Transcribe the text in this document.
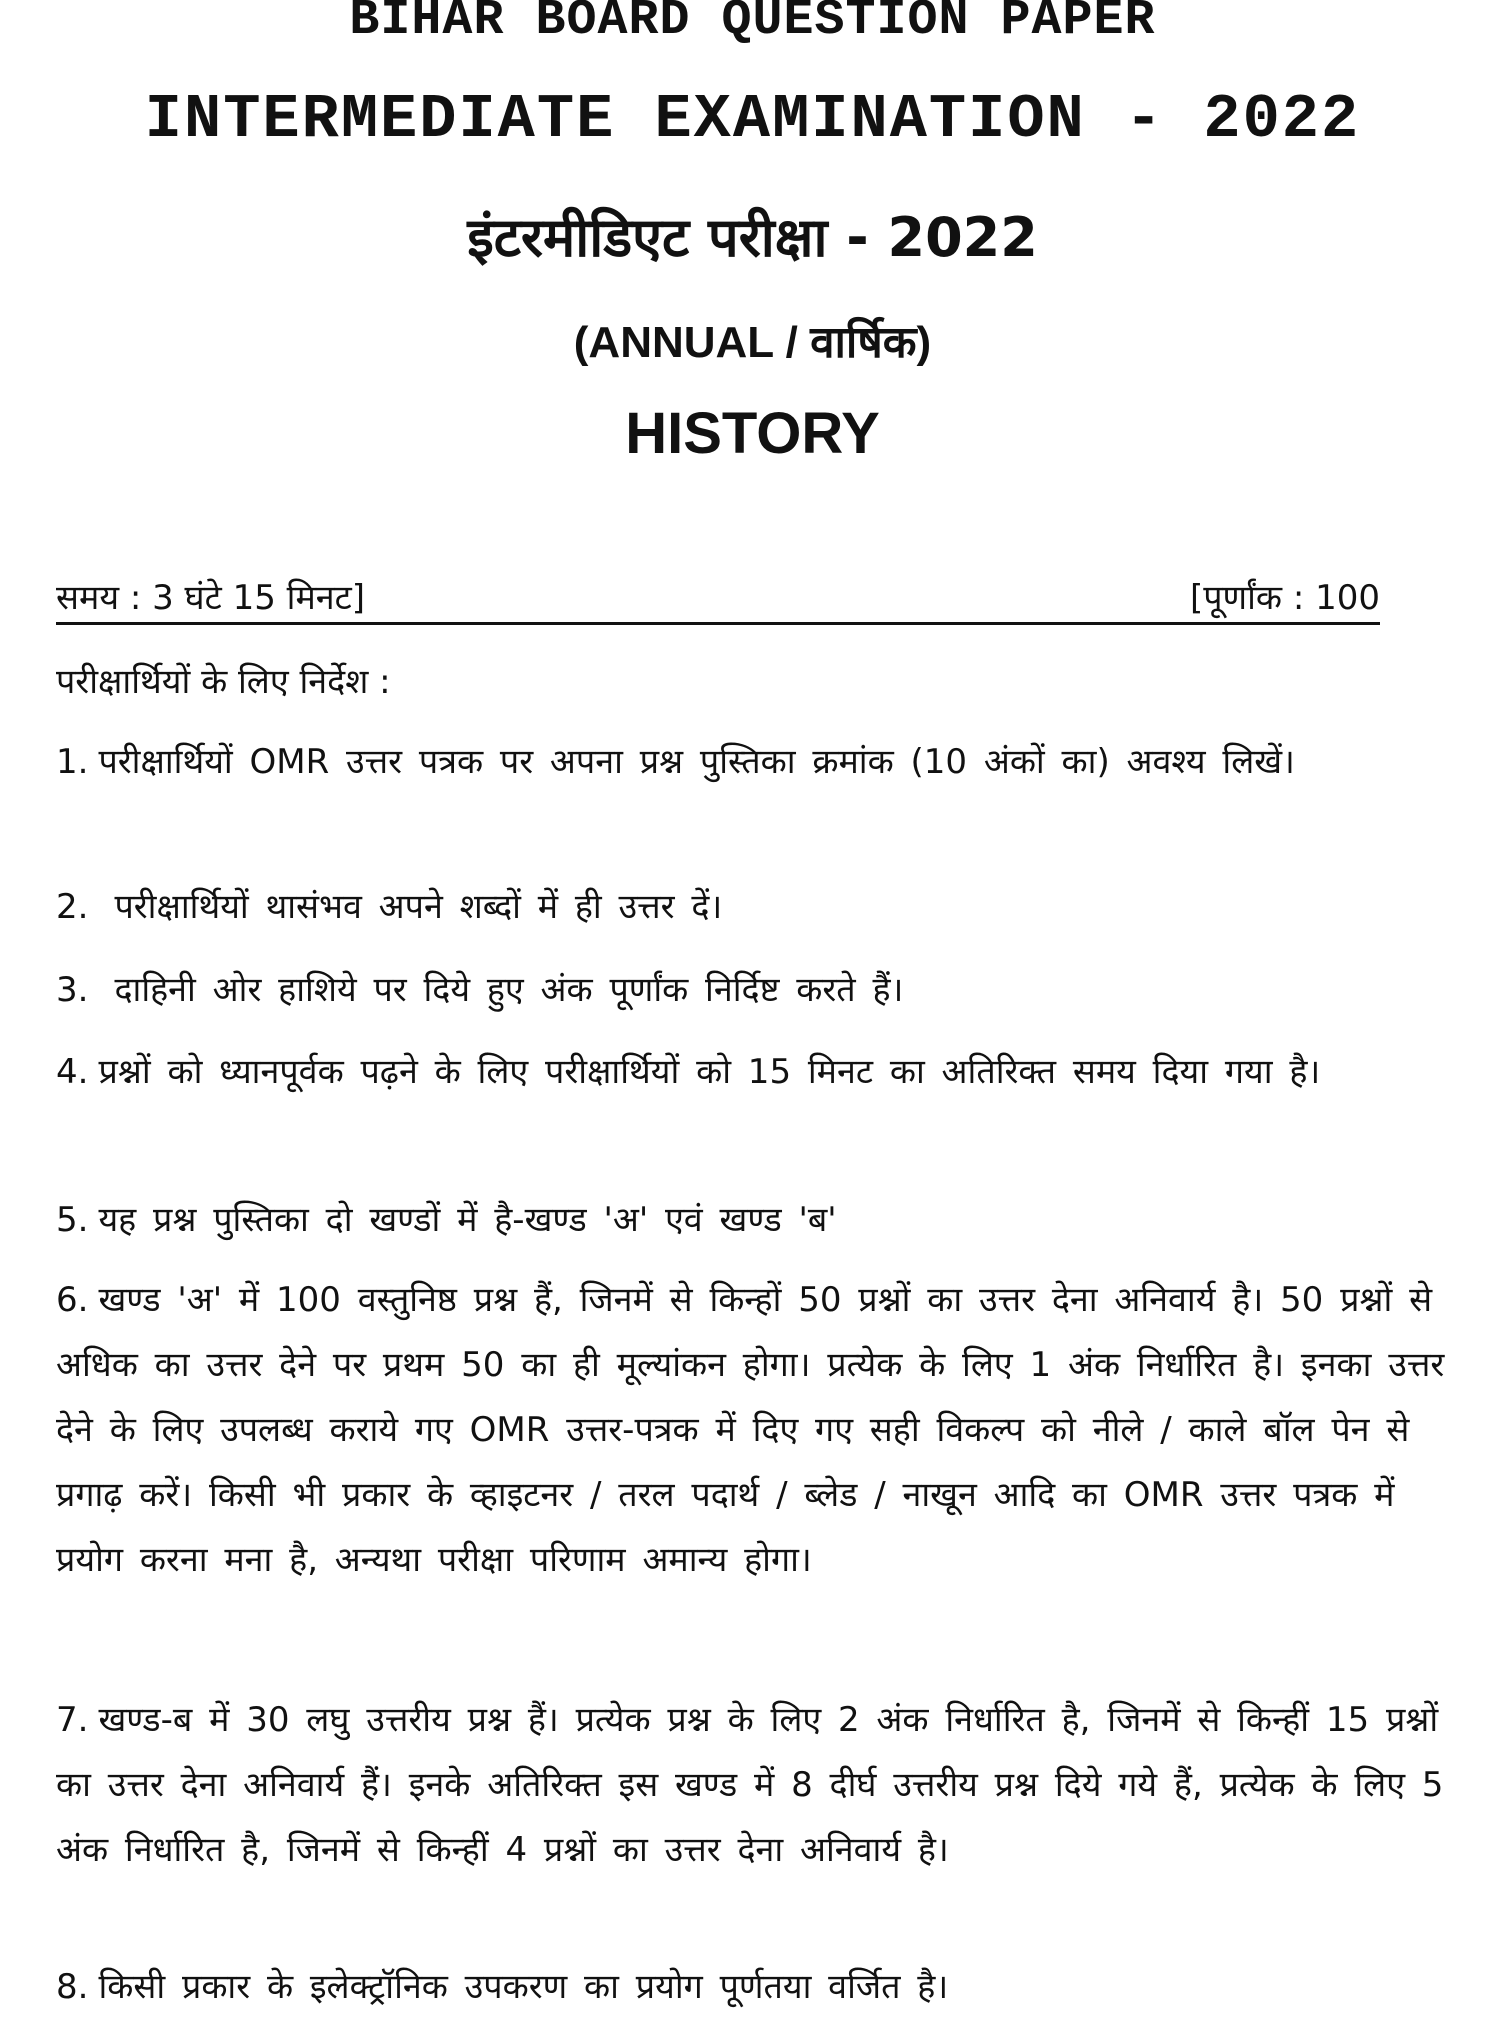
BIHAR BOARD QUESTION PAPER
INTERMEDIATE EXAMINATION - 2022
इंटरमीडिएट परीक्षा - 2022
(ANNUAL / वार्षिक)
HISTORY
समय : 3 घंटे 15 मिनट]	[पूर्णांक : 100
परीक्षार्थियों के लिए निर्देश :
1. परीक्षार्थियों OMR उत्तर पत्रक पर अपना प्रश्न पुस्तिका क्रमांक (10 अंकों का) अवश्य लिखें।
2. परीक्षार्थियों थासंभव अपने शब्दों में ही उत्तर दें।
3. दाहिनी ओर हाशिये पर दिये हुए अंक पूर्णांक निर्दिष्ट करते हैं।
4. प्रश्नों को ध्यानपूर्वक पढ़ने के लिए परीक्षार्थियों को 15 मिनट का अतिरिक्त समय दिया गया है।
5. यह प्रश्न पुस्तिका दो खण्डों में है-खण्ड 'अ' एवं खण्ड 'ब'
6. खण्ड 'अ' में 100 वस्तुनिष्ठ प्रश्न हैं, जिनमें से किन्हों 50 प्रश्नों का उत्तर देना अनिवार्य है। 50 प्रश्नों से अधिक का उत्तर देने पर प्रथम 50 का ही मूल्यांकन होगा। प्रत्येक के लिए 1 अंक निर्धारित है। इनका उत्तर देने के लिए उपलब्ध कराये गए OMR उत्तर-पत्रक में दिए गए सही विकल्प को नीले / काले बॉल पेन से प्रगाढ़ करें। किसी भी प्रकार के व्हाइटनर / तरल पदार्थ / ब्लेड / नाखून आदि का OMR उत्तर पत्रक में प्रयोग करना मना है, अन्यथा परीक्षा परिणाम अमान्य होगा।
7. खण्ड-ब में 30 लघु उत्तरीय प्रश्न हैं। प्रत्येक प्रश्न के लिए 2 अंक निर्धारित है, जिनमें से किन्हीं 15 प्रश्नों का उत्तर देना अनिवार्य हैं। इनके अतिरिक्त इस खण्ड में 8 दीर्घ उत्तरीय प्रश्न दिये गये हैं, प्रत्येक के लिए 5 अंक निर्धारित है, जिनमें से किन्हीं 4 प्रश्नों का उत्तर देना अनिवार्य है।
8. किसी प्रकार के इलेक्ट्रॉनिक उपकरण का प्रयोग पूर्णतया वर्जित है।
